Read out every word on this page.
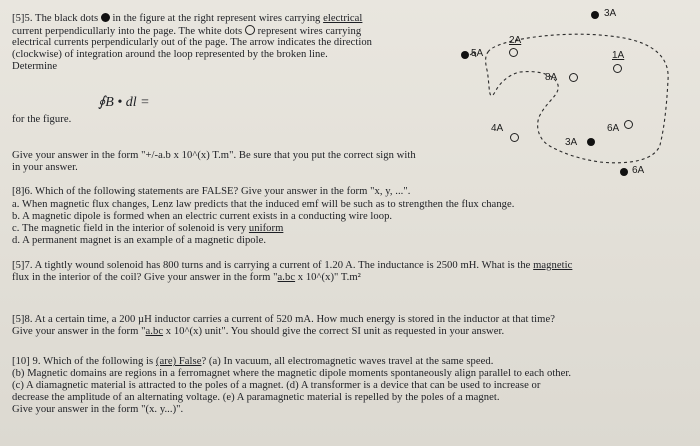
[5]5. The black dots in the figure at the right represent wires carrying electrical
current perpendicullarly into the page. The white dots represent wires carrying
electrical currents perpendicularly out of the page. The arrow indicates the direction
(clockwise) of integration around the loop represented by the broken line.
Determine
∮B • dl =
for the figure.
Give your answer in the form "+/-a.b x 10^(x) T.m". Be sure that you put the correct sign with
in your answer.
3A
2A
5A	1A
8A
4A	6A
3A
6A
[8]6. Which of the following statements are FALSE? Give your answer in the form "x, y, ...".
a. When magnetic flux changes, Lenz law predicts that the induced emf will be such as to strengthen the flux change.
b. A magnetic dipole is formed when an electric current exists in a conducting wire loop.
c. The magnetic field in the interior of solenoid is very uniform
d. A permanent magnet is an example of a magnetic dipole.
[5]7. A tightly wound solenoid has 800 turns and is carrying a current of 1.20 A. The inductance is 2500 mH. What is the magnetic
flux in the interior of the coil? Give your answer in the form "a.bc x 10^(x)" T.m²
[5]8. At a certain time, a 200 µH inductor carries a current of 520 mA. How much energy is stored in the inductor at that time?
Give your answer in the form "a.bc x 10^(x) unit". You should give the correct SI unit as requested in your answer.
[10] 9. Which of the following is (are) False? (a) In vacuum, all electromagnetic waves travel at the same speed.
(b) Magnetic domains are regions in a ferromagnet where the magnetic dipole moments spontaneously align parallel to each other.
(c) A diamagnetic material is attracted to the poles of a magnet. (d) A transformer is a device that can be used to increase or
decrease the amplitude of an alternating voltage. (e) A paramagnetic material is repelled by the poles of a magnet.
Give your answer in the form "(x. y...)".
